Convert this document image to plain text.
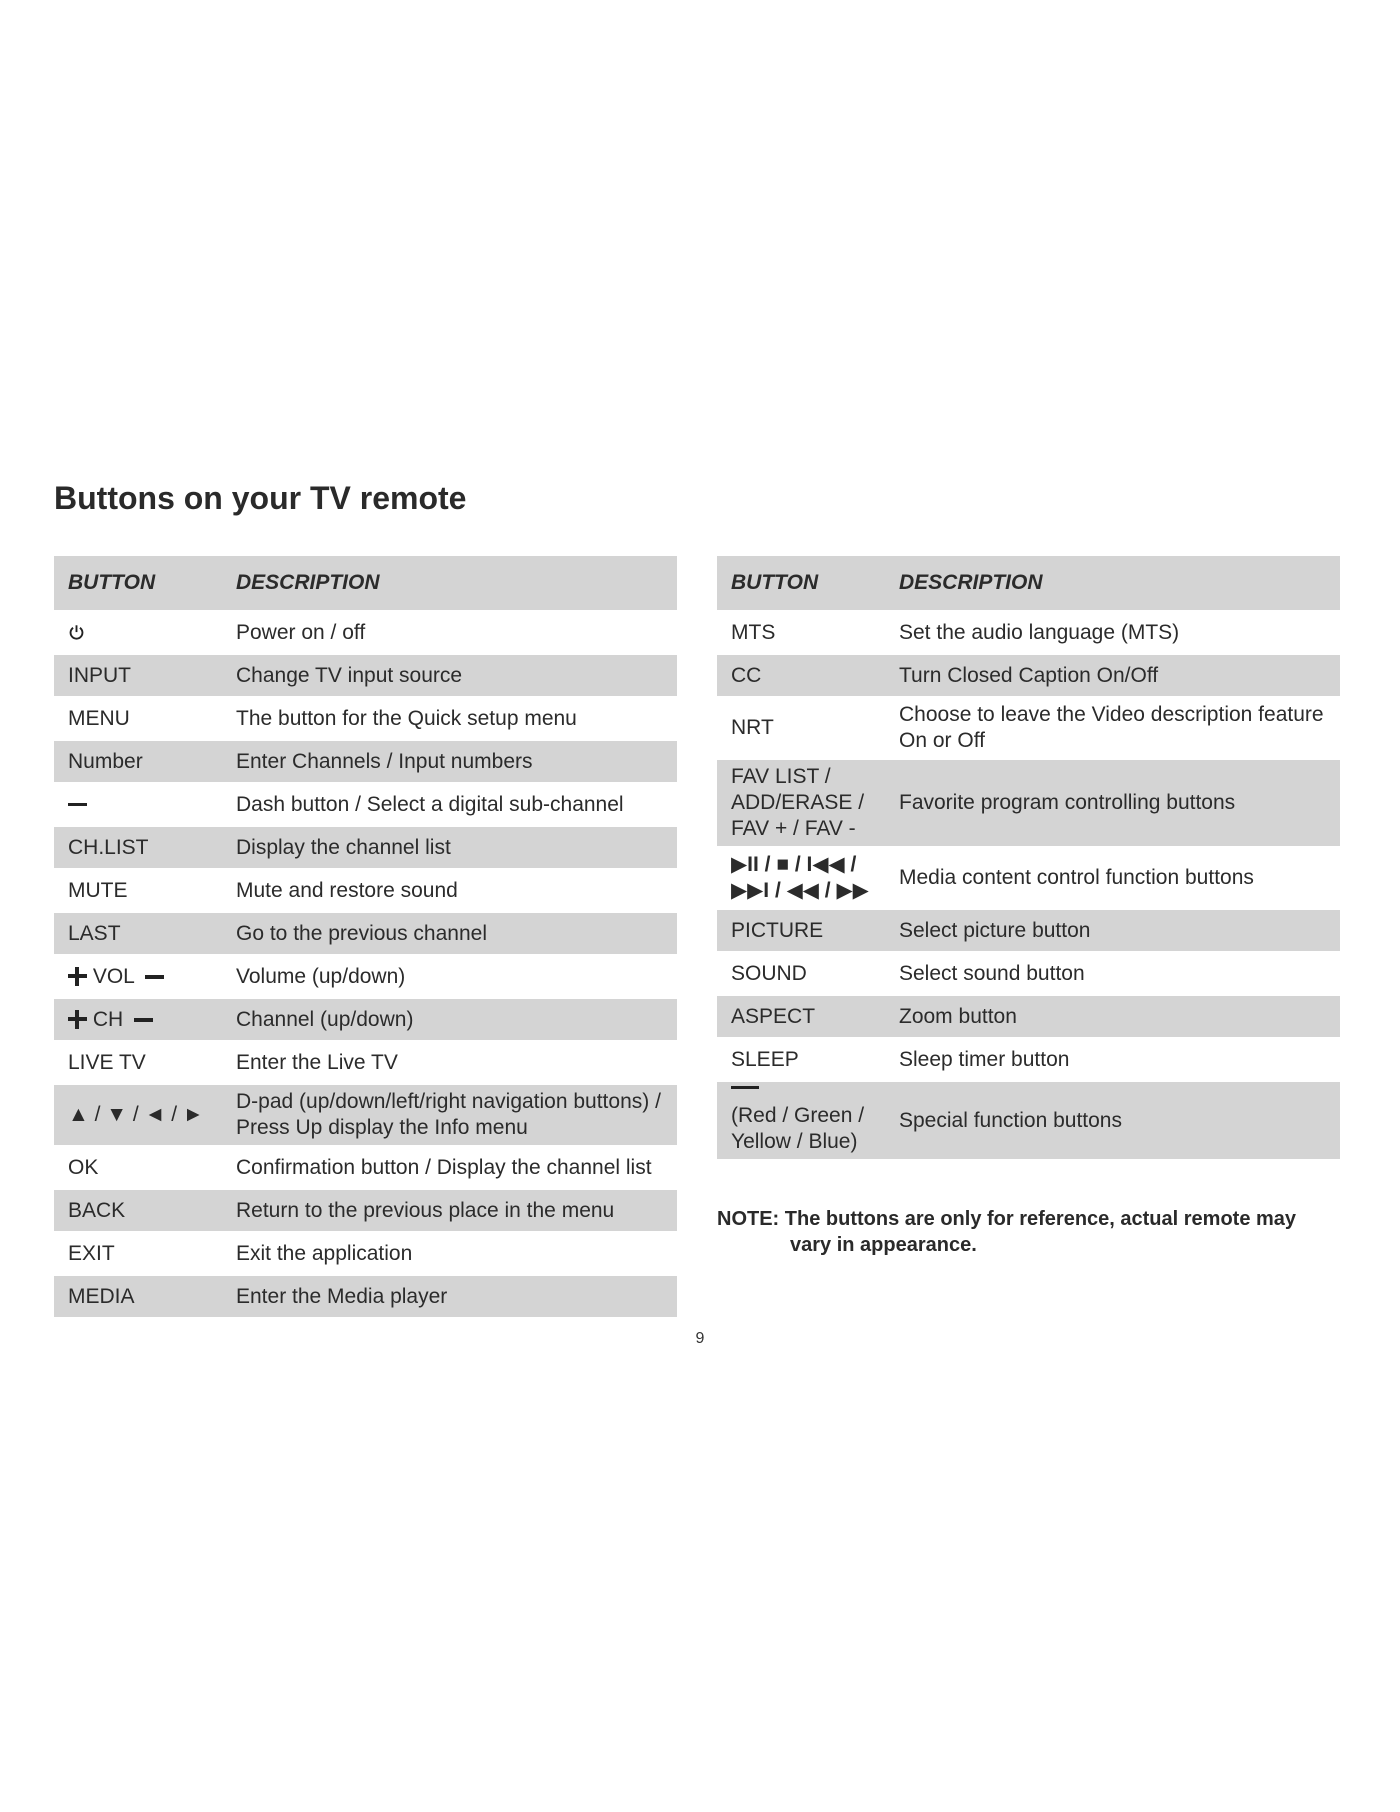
Buttons on your TV remote
BUTTON	DESCRIPTION
	Power on / off
INPUT	Change TV input source
MENU	The button for the Quick setup menu
Number	Enter Channels / Input numbers
	Dash button / Select a digital sub-channel
CH.LIST	Display the channel list
MUTE	Mute and restore sound
LAST	Go to the previous channel
VOL	Volume (up/down)
CH	Channel (up/down)
LIVE TV	Enter the Live TV
▲ / ▼ / ◄ / ►	D-pad (up/down/left/right navigation buttons) / Press Up display the Info menu
OK	Confirmation button / Display the channel list
BACK	Return to the previous place in the menu
EXIT	Exit the application
MEDIA	Enter the Media player
BUTTON	DESCRIPTION
MTS	Set the audio language (MTS)
CC	Turn Closed Caption On/Off
NRT	Choose to leave the Video description feature On or Off
FAV LIST / ADD/ERASE / FAV + / FAV -	Favorite program controlling buttons
▶II / ■ / I◀◀ / ▶▶I / ◀◀ / ▶▶	Media content control function buttons
PICTURE	Select picture button
SOUND	Select sound button
ASPECT	Zoom button
SLEEP	Sleep timer button

(Red / Green / Yellow / Blue)	Special function buttons
NOTE: The buttons are only for reference, actual remote may
vary in appearance.
9
